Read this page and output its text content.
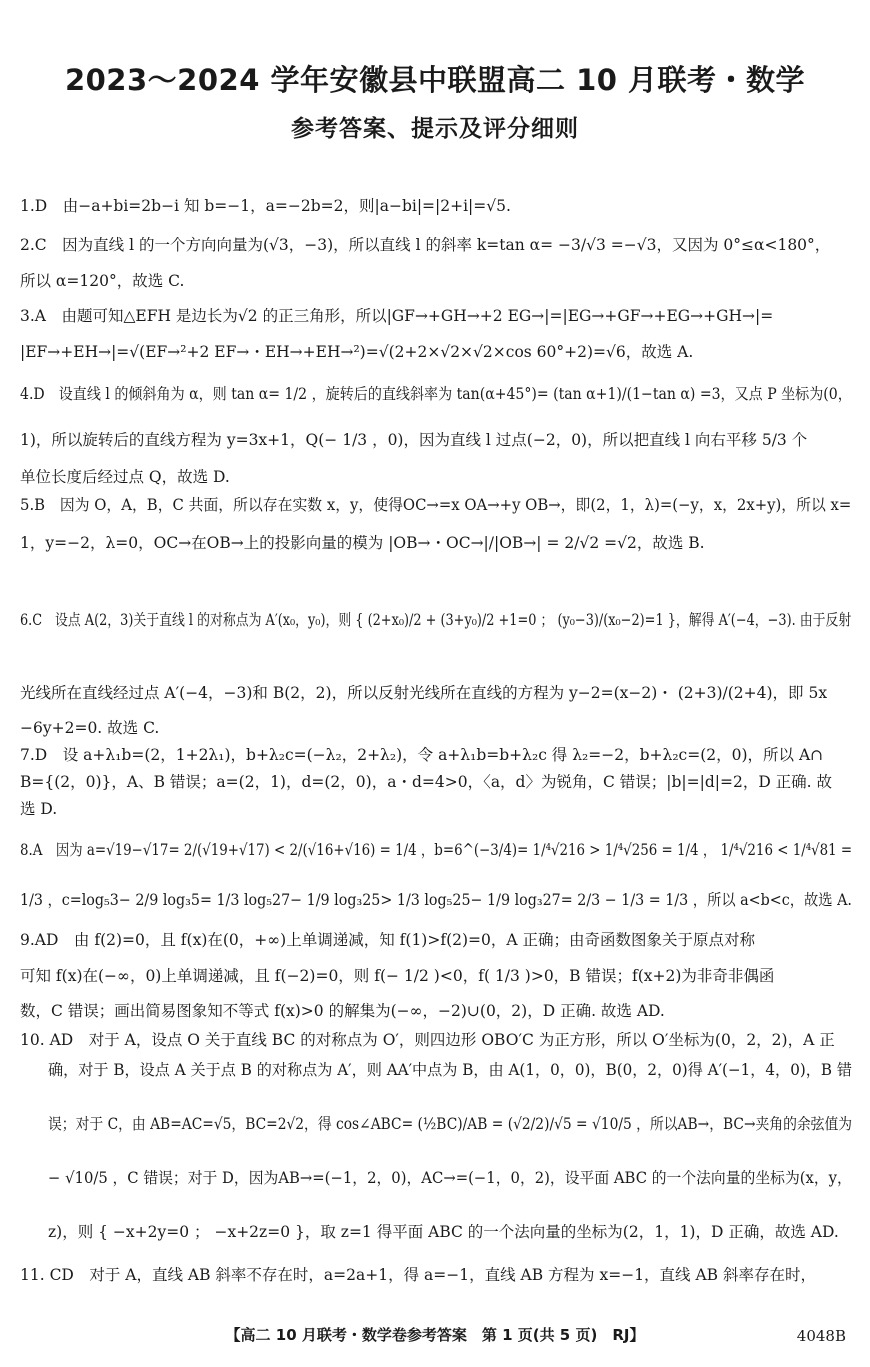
2023～2024 学年安徽县中联盟高二 10 月联考・数学
参考答案、提示及评分细则
1.D　由−a+bi=2b−i 知 b=−1，a=−2b=2，则|a−bi|=|2+i|=√5.
2.C　因为直线 l 的一个方向向量为(√3，−3)，所以直线 l 的斜率 k=tan α= −3/√3 =−√3，又因为 0°≤α<180°，
所以 α=120°，故选 C.
3.A　由题可知△EFH 是边长为√2 的正三角形，所以|GF→+GH→+2 EG→|=|EG→+GF→+EG→+GH→|=
|EF→+EH→|=√(EF→²+2 EF→・EH→+EH→²)=√(2+2×√2×√2×cos 60°+2)=√6，故选 A.
4.D　设直线 l 的倾斜角为 α，则 tan α= 1/2 ，旋转后的直线斜率为 tan(α+45°)= (tan α+1)/(1−tan α) =3，又点 P 坐标为(0，
1)，所以旋转后的直线方程为 y=3x+1，Q(− 1/3 ，0)，因为直线 l 过点(−2，0)，所以把直线 l 向右平移 5/3 个
单位长度后经过点 Q，故选 D.
5.B　因为 O，A，B，C 共面，所以存在实数 x，y，使得OC→=x OA→+y OB→，即(2，1，λ)=(−y，x，2x+y)，所以 x=
1，y=−2，λ=0，OC→在OB→上的投影向量的模为 |OB→・OC→|/|OB→| = 2/√2 =√2，故选 B.
6.C　设点 A(2，3)关于直线 l 的对称点为 A′(x₀，y₀)，则 { (2+x₀)/2 + (3+y₀)/2 +1=0 ； (y₀−3)/(x₀−2)=1 }，解得 A′(−4，−3). 由于反射
光线所在直线经过点 A′(−4，−3)和 B(2，2)，所以反射光线所在直线的方程为 y−2=(x−2)・ (2+3)/(2+4)，即 5x
−6y+2=0. 故选 C.
7.D　设 a+λ₁b=(2，1+2λ₁)，b+λ₂c=(−λ₂，2+λ₂)，令 a+λ₁b=b+λ₂c 得 λ₂=−2，b+λ₂c=(2，0)，所以 A∩
B={(2，0)}，A、B 错误；a=(2，1)，d=(2，0)，a・d=4>0，〈a，d〉为锐角，C 错误；|b|=|d|=2，D 正确. 故
选 D.
8.A　因为 a=√19−√17= 2/(√19+√17) < 2/(√16+√16) = 1/4 ，b=6^(−3/4)= 1/⁴√216 > 1/⁴√256 = 1/4 ， 1/⁴√216 < 1/⁴√81 =
1/3 ，c=log₅3− 2/9 log₃5= 1/3 log₅27− 1/9 log₃25> 1/3 log₅25− 1/9 log₃27= 2/3 − 1/3 = 1/3 ，所以 a<b<c，故选 A.
9.AD　由 f(2)=0，且 f(x)在(0，+∞)上单调递减，知 f(1)>f(2)=0，A 正确；由奇函数图象关于原点对称
可知 f(x)在(−∞，0)上单调递减，且 f(−2)=0，则 f(− 1/2 )<0，f( 1/3 )>0，B 错误；f(x+2)为非奇非偶函
数，C 错误；画出简易图象知不等式 f(x)>0 的解集为(−∞，−2)∪(0，2)，D 正确. 故选 AD.
10. AD　对于 A，设点 O 关于直线 BC 的对称点为 O′，则四边形 OBO′C 为正方形，所以 O′坐标为(0，2，2)，A 正
确，对于 B，设点 A 关于点 B 的对称点为 A′，则 AA′中点为 B，由 A(1，0，0)，B(0，2，0)得 A′(−1，4，0)，B 错
误；对于 C，由 AB=AC=√5，BC=2√2，得 cos∠ABC= (½BC)/AB = (√2/2)/√5 = √10/5 ，所以AB→，BC→夹角的余弦值为
− √10/5 ，C 错误；对于 D，因为AB→=(−1，2，0)，AC→=(−1，0，2)，设平面 ABC 的一个法向量的坐标为(x，y，
z)，则 { −x+2y=0 ； −x+2z=0 }，取 z=1 得平面 ABC 的一个法向量的坐标为(2，1，1)，D 正确，故选 AD.
11. CD　对于 A，直线 AB 斜率不存在时，a=2a+1，得 a=−1，直线 AB 方程为 x=−1，直线 AB 斜率存在时，
【高二 10 月联考・数学卷参考答案　第 1 页(共 5 页)　RJ】	4048B
